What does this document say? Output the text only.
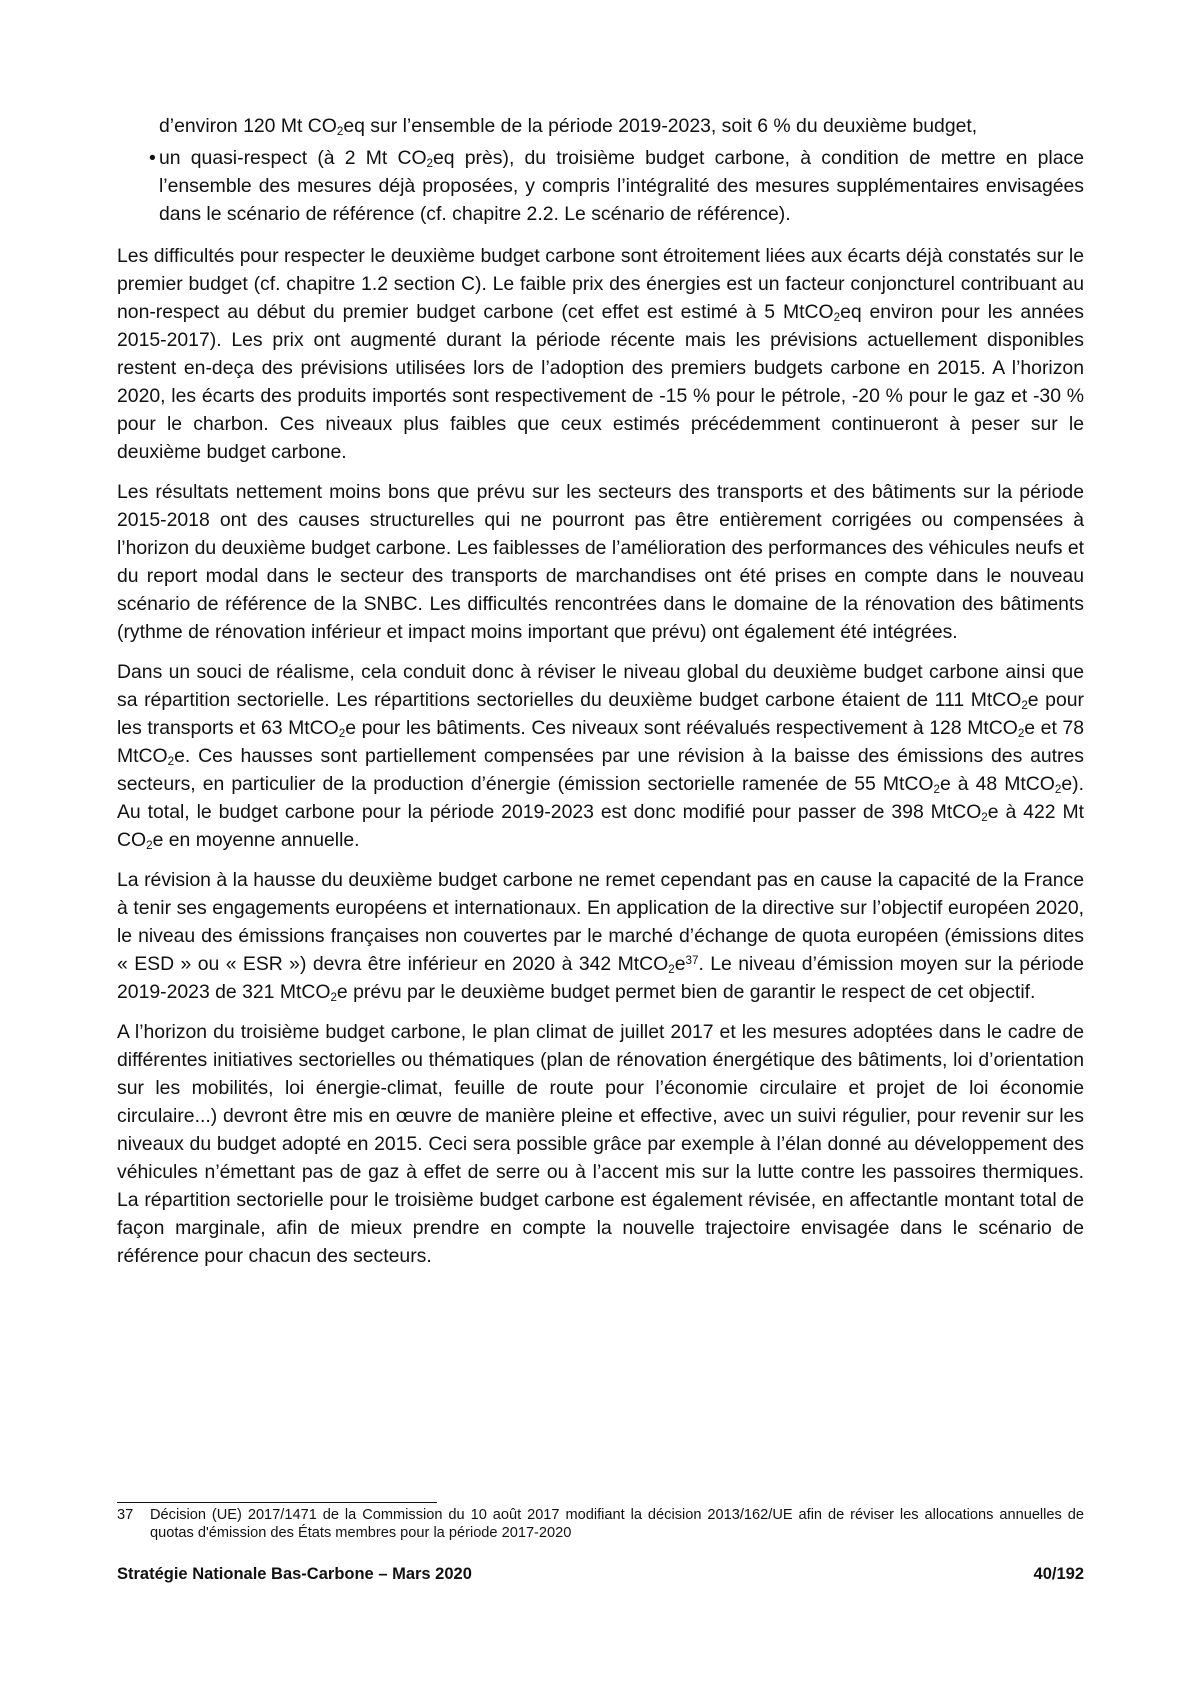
d’environ 120 Mt $CO_2eq$ sur l’ensemble de la période 2019-2023, soit 6 % du deuxième budget,
• un quasi-respect (à 2 Mt $CO_2eq$ près), du troisième budget carbone, à condition de mettre en place l’ensemble des mesures déjà proposées, y compris l’intégralité des mesures supplémentaires envisagées dans le scénario de référence (cf. chapitre 2.2. Le scénario de référence).
Les difficultés pour respecter le deuxième budget carbone sont étroitement liées aux écarts déjà constatés sur le premier budget (cf. chapitre 1.2 section C). Le faible prix des énergies est un facteur conjoncturel contribuant au non-respect au début du premier budget carbone (cet effet est estimé à 5 MtCO$_2$eq environ pour les années 2015-2017). Les prix ont augmenté durant la période récente mais les prévisions actuellement disponibles restent en-deça des prévisions utilisées lors de l’adoption des premiers budgets carbone en 2015. A l’horizon 2020, les écarts des produits importés sont respectivement de -15 % pour le pétrole, -20 % pour le gaz et -30 % pour le charbon. Ces niveaux plus faibles que ceux estimés précédemment continueront à peser sur le deuxième budget carbone.
Les résultats nettement moins bons que prévu sur les secteurs des transports et des bâtiments sur la période 2015-2018 ont des causes structurelles qui ne pourront pas être entièrement corrigées ou compensées à l’horizon du deuxième budget carbone. Les faiblesses de l’amélioration des performances des véhicules neufs et du report modal dans le secteur des transports de marchandises ont été prises en compte dans le nouveau scénario de référence de la SNBC. Les difficultés rencontrées dans le domaine de la rénovation des bâtiments (rythme de rénovation inférieur et impact moins important que prévu) ont également été intégrées.
Dans un souci de réalisme, cela conduit donc à réviser le niveau global du deuxième budget carbone ainsi que sa répartition sectorielle. Les répartitions sectorielles du deuxième budget carbone étaient de 111 MtCO$_2$e pour les transports et 63 MtCO$_2$e pour les bâtiments. Ces niveaux sont réévalués respectivement à 128 MtCO$_2$e et 78 MtCO$_2$e. Ces hausses sont partiellement compensées par une révision à la baisse des émissions des autres secteurs, en particulier de la production d’énergie (émission sectorielle ramenée de 55 MtCO$_2$e à 48 MtCO$_2$e). Au total, le budget carbone pour la période 2019-2023 est donc modifié pour passer de 398 MtCO$_2$e à 422 Mt $CO_2e$ en moyenne annuelle.
La révision à la hausse du deuxième budget carbone ne remet cependant pas en cause la capacité de la France à tenir ses engagements européens et internationaux. En application de la directive sur l’objectif européen 2020, le niveau des émissions françaises non couvertes par le marché d’échange de quota européen (émissions dites « ESD » ou « ESR ») devra être inférieur en 2020 à 342 $MtCO_2e^{37}$. Le niveau d’émission moyen sur la période 2019-2023 de 321 MtCO$_2$e prévu par le deuxième budget permet bien de garantir le respect de cet objectif.
A l’horizon du troisième budget carbone, le plan climat de juillet 2017 et les mesures adoptées dans le cadre de différentes initiatives sectorielles ou thématiques (plan de rénovation énergétique des bâtiments, loi d’orientation sur les mobilités, loi énergie-climat, feuille de route pour l’économie circulaire et projet de loi économie circulaire...) devront être mis en œuvre de manière pleine et effective, avec un suivi régulier, pour revenir sur les niveaux du budget adopté en 2015. Ceci sera possible grâce par exemple à l’élan donné au développement des véhicules n’émettant pas de gaz à effet de serre ou à l’accent mis sur la lutte contre les passoires thermiques. La répartition sectorielle pour le troisième budget carbone est également révisée, en affectantle montant total de façon marginale, afin de mieux prendre en compte la nouvelle trajectoire envisagée dans le scénario de référence pour chacun des secteurs.
37 Décision (UE) 2017/1471 de la Commission du 10 août 2017 modifiant la décision 2013/162/UE afin de réviser les allocations annuelles de quotas d'émission des États membres pour la période 2017-2020
Stratégie Nationale Bas-Carbone – Mars 2020	40/192
